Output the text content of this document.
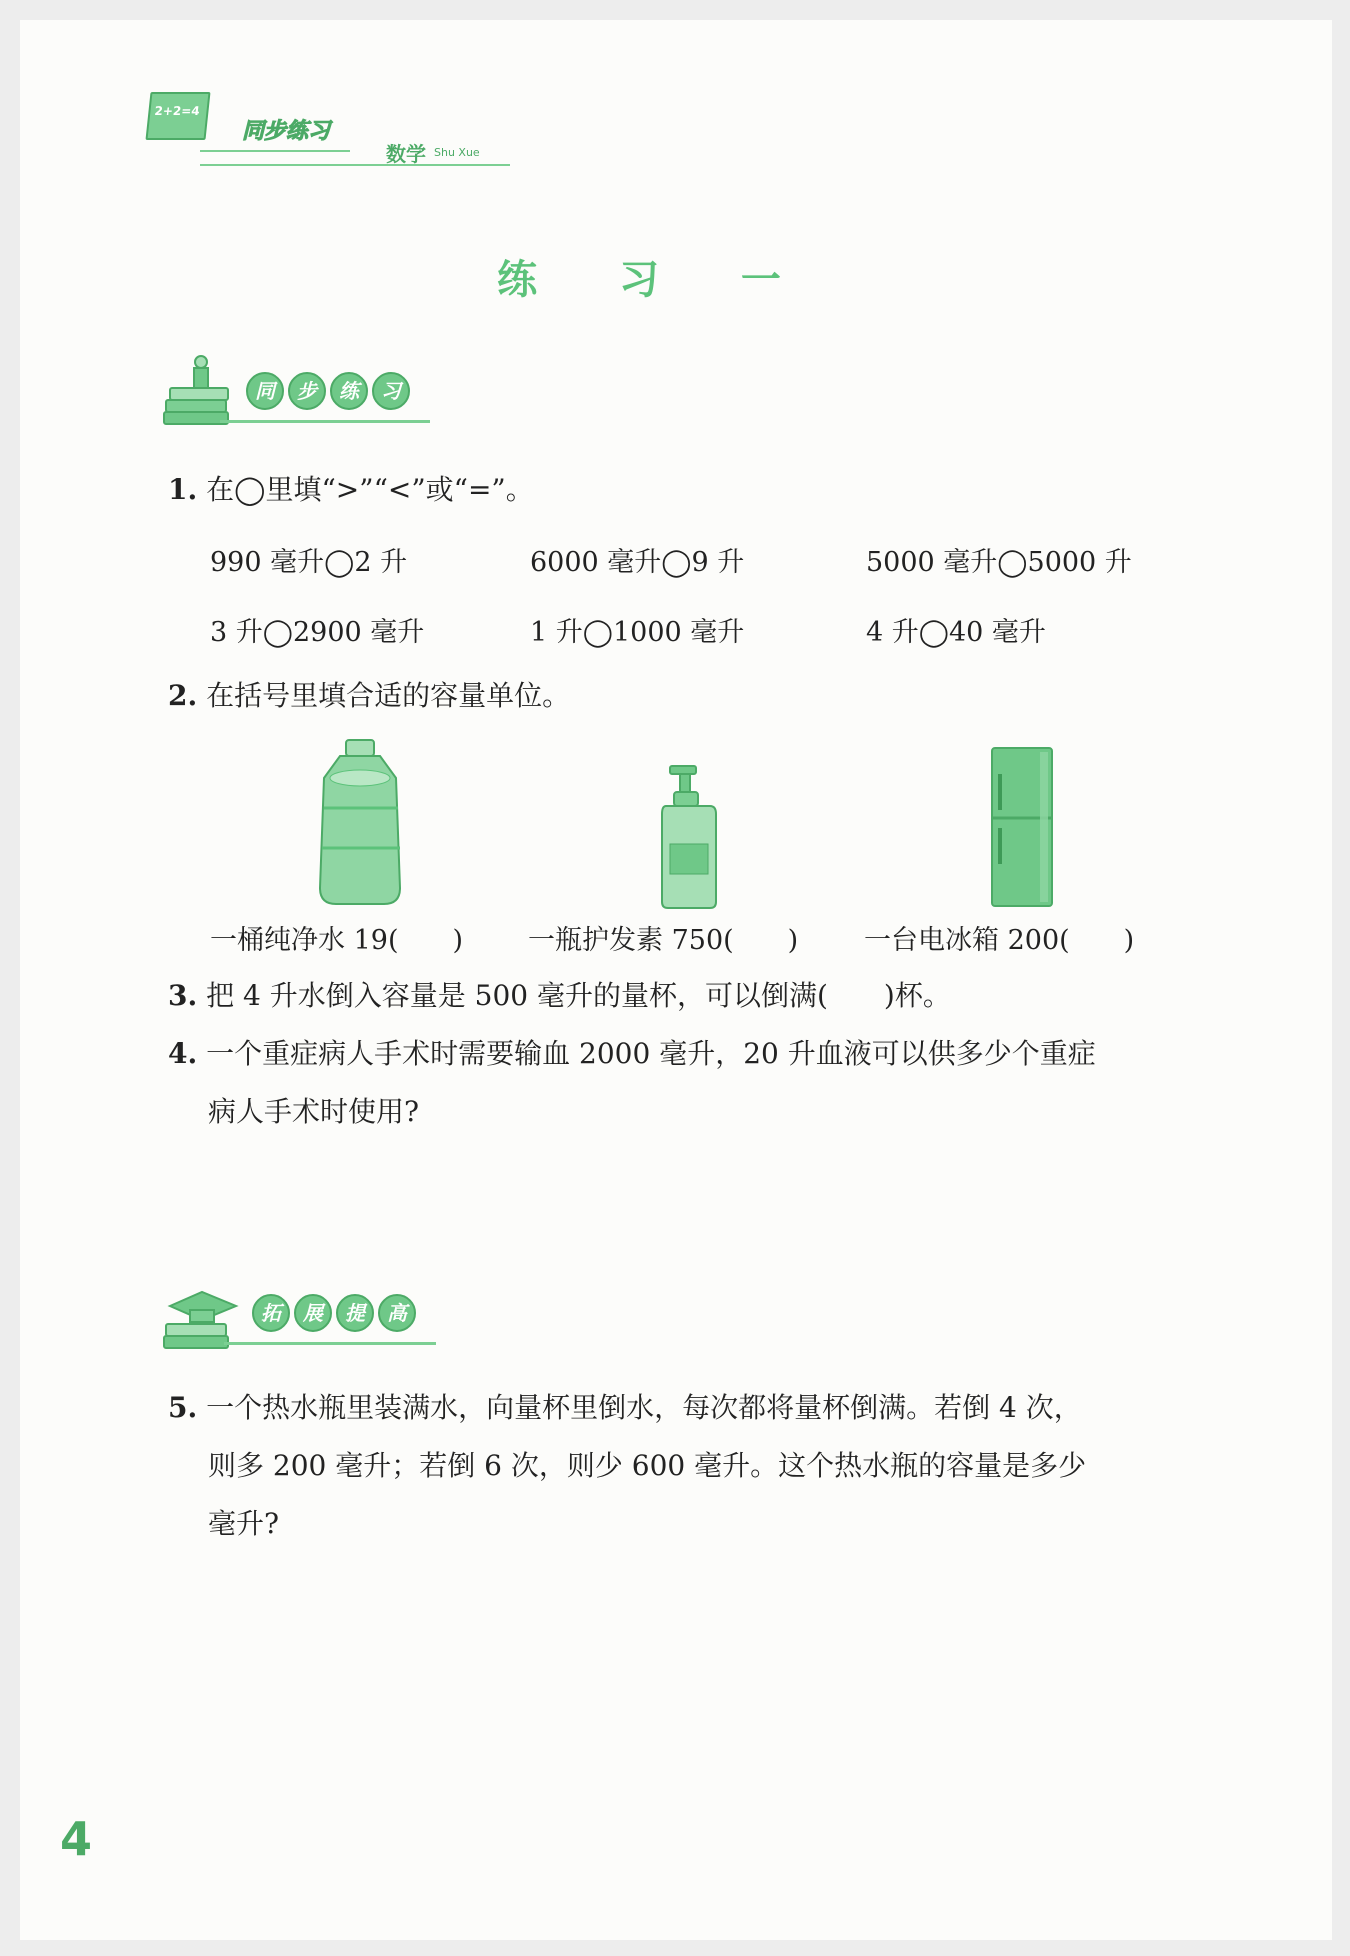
2+2=4
同步练习
数学 Shu Xue
练 习 一
同 步 练 习
1. 在◯里填“>”“<”或“=”。
990 毫升◯2 升	6000 毫升◯9 升	5000 毫升◯5000 升
3 升◯2900 毫升	1 升◯1000 毫升	4 升◯40 毫升
2. 在括号里填合适的容量单位。
一桶纯净水 19(　　) 一瓶护发素 750(　　) 一台电冰箱 200(　　)
3. 把 4 升水倒入容量是 500 毫升的量杯，可以倒满(　　)杯。
4. 一个重症病人手术时需要输血 2000 毫升，20 升血液可以供多少个重症
病人手术时使用?
拓 展 提 高
5. 一个热水瓶里装满水，向量杯里倒水，每次都将量杯倒满。若倒 4 次，
则多 200 毫升；若倒 6 次，则少 600 毫升。这个热水瓶的容量是多少
毫升?
4
